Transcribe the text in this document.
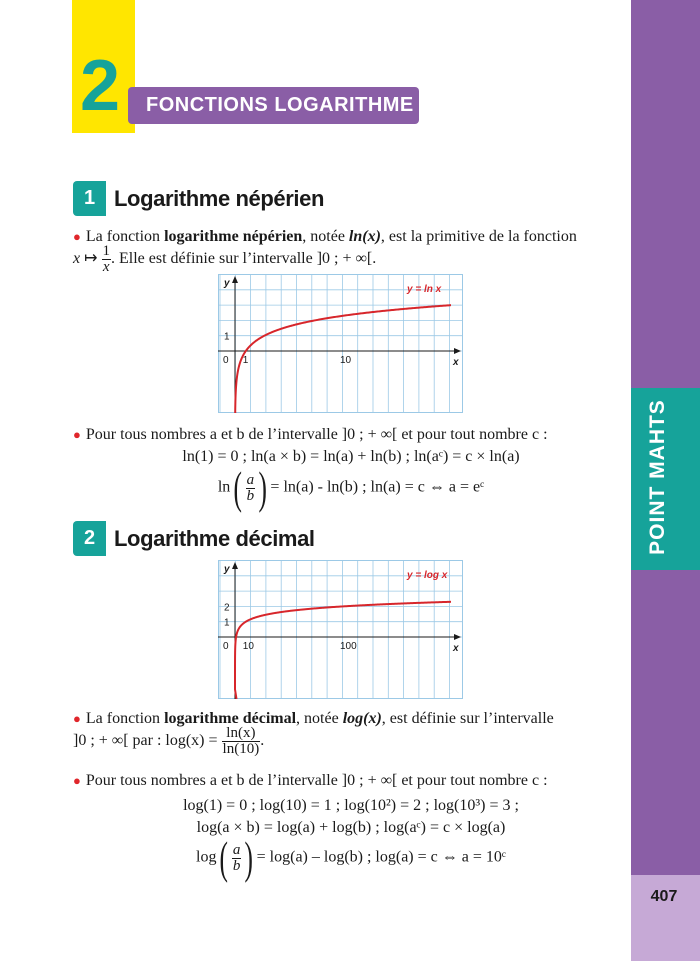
POINT MAHTS
407
2	FONCTIONS LOGARITHME
1 Logarithme népérien
● La fonction logarithme népérien, notée ln(x), est la primitive de la fonction
x ↦ $\frac{1}{x}$ . Elle est définie sur l’intervalle ]0 ; + ∞[.
x
y
0 1	10
1
y = ln x
● Pour tous nombres a et b de l’intervalle ]0 ; + ∞[ et pour tout nombre c :
ln(1) = 0 ; ln(a × b) = ln(a) + ln(b) ; ln(aᶜ) = c × ln(a)
$\ln( \frac{a}{b}$ ) = ln(a) - ln(b) ; ln(a) = c ⇔ a = eᶜ
2 Logarithme décimal
x
y
0 10	100
1
2
y = log x
● La fonction logarithme décimal, notée log(x), est définie sur l’intervalle
]0 ; + ∞[ par : $\log(x) = \frac{\ln(x)}{\ln(10)}$ .
● Pour tous nombres a et b de l’intervalle ]0 ; + ∞[ et pour tout nombre c :
log(1) = 0 ; log(10) = 1 ; log(10²) = 2 ; log(10³) = 3 ;
log(a × b) = log(a) + log(b) ; log(aᶜ) = c × log(a)
$\log( \frac{a}{b}$ ) = log(a) – log(b) ; log(a) = c ⇔ a = 10ᶜ
